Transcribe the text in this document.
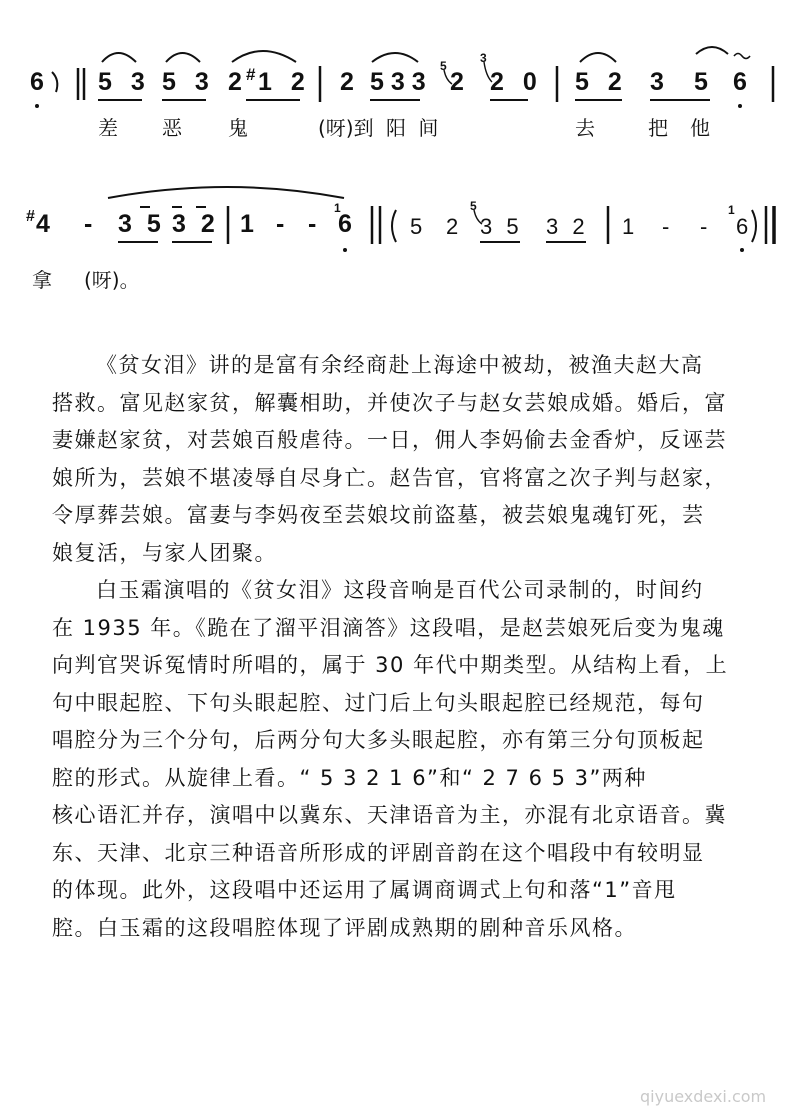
6 5 3 5 3 2 # 1 2 2 5 3 3
5
2
3
2 0 5 2 3 5 6
差 恶 鬼	(呀)到 阳 间	去	把 他
# 4 - 3 5 3 2 1 - -
1
6	5 2
5
3 5 3 2 1 - -
1
6
拿 (呀)。

《贫女泪》讲的是富有余经商赴上海途中被劫，被渔夫赵大高

搭救。富见赵家贫，解囊相助，并使次子与赵女芸娘成婚。婚后，富

妻嫌赵家贫，对芸娘百般虐待。一日，佣人李妈偷去金香炉，反诬芸

娘所为，芸娘不堪凌辱自尽身亡。赵告官，官将富之次子判与赵家，

令厚葬芸娘。富妻与李妈夜至芸娘坟前盗墓，被芸娘鬼魂钉死，芸

娘复活，与家人团聚。

白玉霜演唱的《贫女泪》这段音响是百代公司录制的，时间约

在 1935 年。《跪在了溜平泪滴答》这段唱，是赵芸娘死后变为鬼魂

向判官哭诉冤情时所唱的，属于 30 年代中期类型。从结构上看，上

句中眼起腔、下句头眼起腔、过门后上句头眼起腔已经规范，每句

唱腔分为三个分句，后两分句大多头眼起腔，亦有第三分句顶板起

腔的形式。从旋律上看。“ 5 3 2 1 6”和“ 2 7 6 5 3”两种

核心语汇并存，演唱中以冀东、天津语音为主，亦混有北京语音。冀

东、天津、北京三种语音所形成的评剧音韵在这个唱段中有较明显

的体现。此外，这段唱中还运用了属调商调式上句和落“1”音甩

腔。白玉霜的这段唱腔体现了评剧成熟期的剧种音乐风格。

qiyuexdexi.com
